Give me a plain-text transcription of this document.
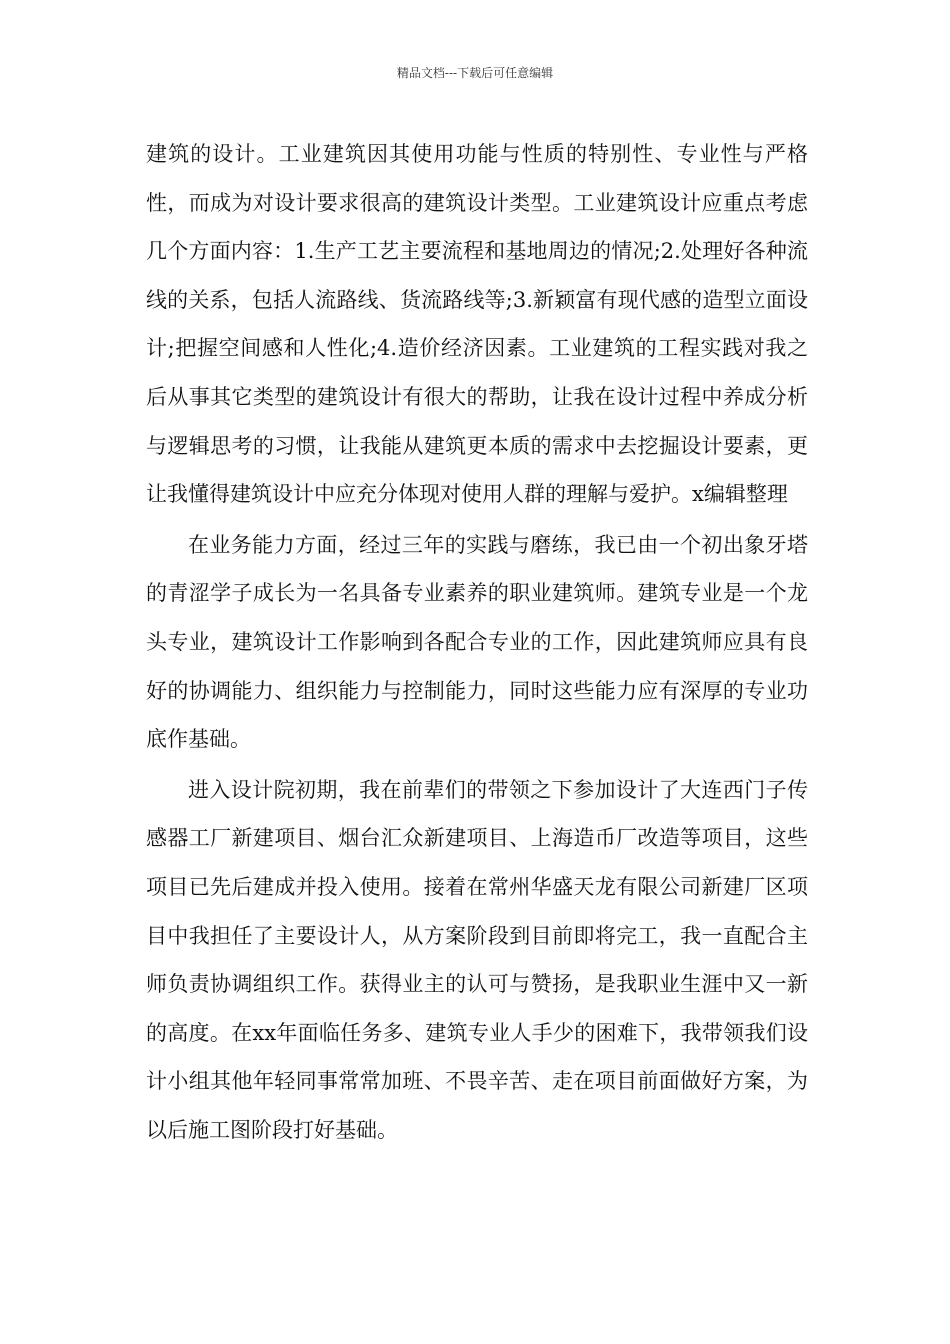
精品文档---下载后可任意编辑

建筑的设计。工业建筑因其使用功能与性质的特别性、专业性与严格性，而成为对设计要求很高的建筑设计类型。工业建筑设计应重点考虑几个方面内容：1.生产工艺主要流程和基地周边的情况;2.处理好各种流线的关系，包括人流路线、货流路线等;3.新颖富有现代感的造型立面设计;把握空间感和人性化;4.造价经济因素。工业建筑的工程实践对我之后从事其它类型的建筑设计有很大的帮助，让我在设计过程中养成分析与逻辑思考的习惯，让我能从建筑更本质的需求中去挖掘设计要素，更让我懂得建筑设计中应充分体现对使用人群的理解与爱护。x编辑整理

在业务能力方面，经过三年的实践与磨练，我已由一个初出象牙塔的青涩学子成长为一名具备专业素养的职业建筑师。建筑专业是一个龙头专业，建筑设计工作影响到各配合专业的工作，因此建筑师应具有良好的协调能力、组织能力与控制能力，同时这些能力应有深厚的专业功底作基础。

进入设计院初期，我在前辈们的带领之下参加设计了大连西门子传感器工厂新建项目、烟台汇众新建项目、上海造币厂改造等项目，这些项目已先后建成并投入使用。接着在常州华盛天龙有限公司新建厂区项目中我担任了主要设计人，从方案阶段到目前即将完工，我一直配合主师负责协调组织工作。获得业主的认可与赞扬，是我职业生涯中又一新的高度。在xx年面临任务多、建筑专业人手少的困难下，我带领我们设计小组其他年轻同事常常加班、不畏辛苦、走在项目前面做好方案，为以后施工图阶段打好基础。
